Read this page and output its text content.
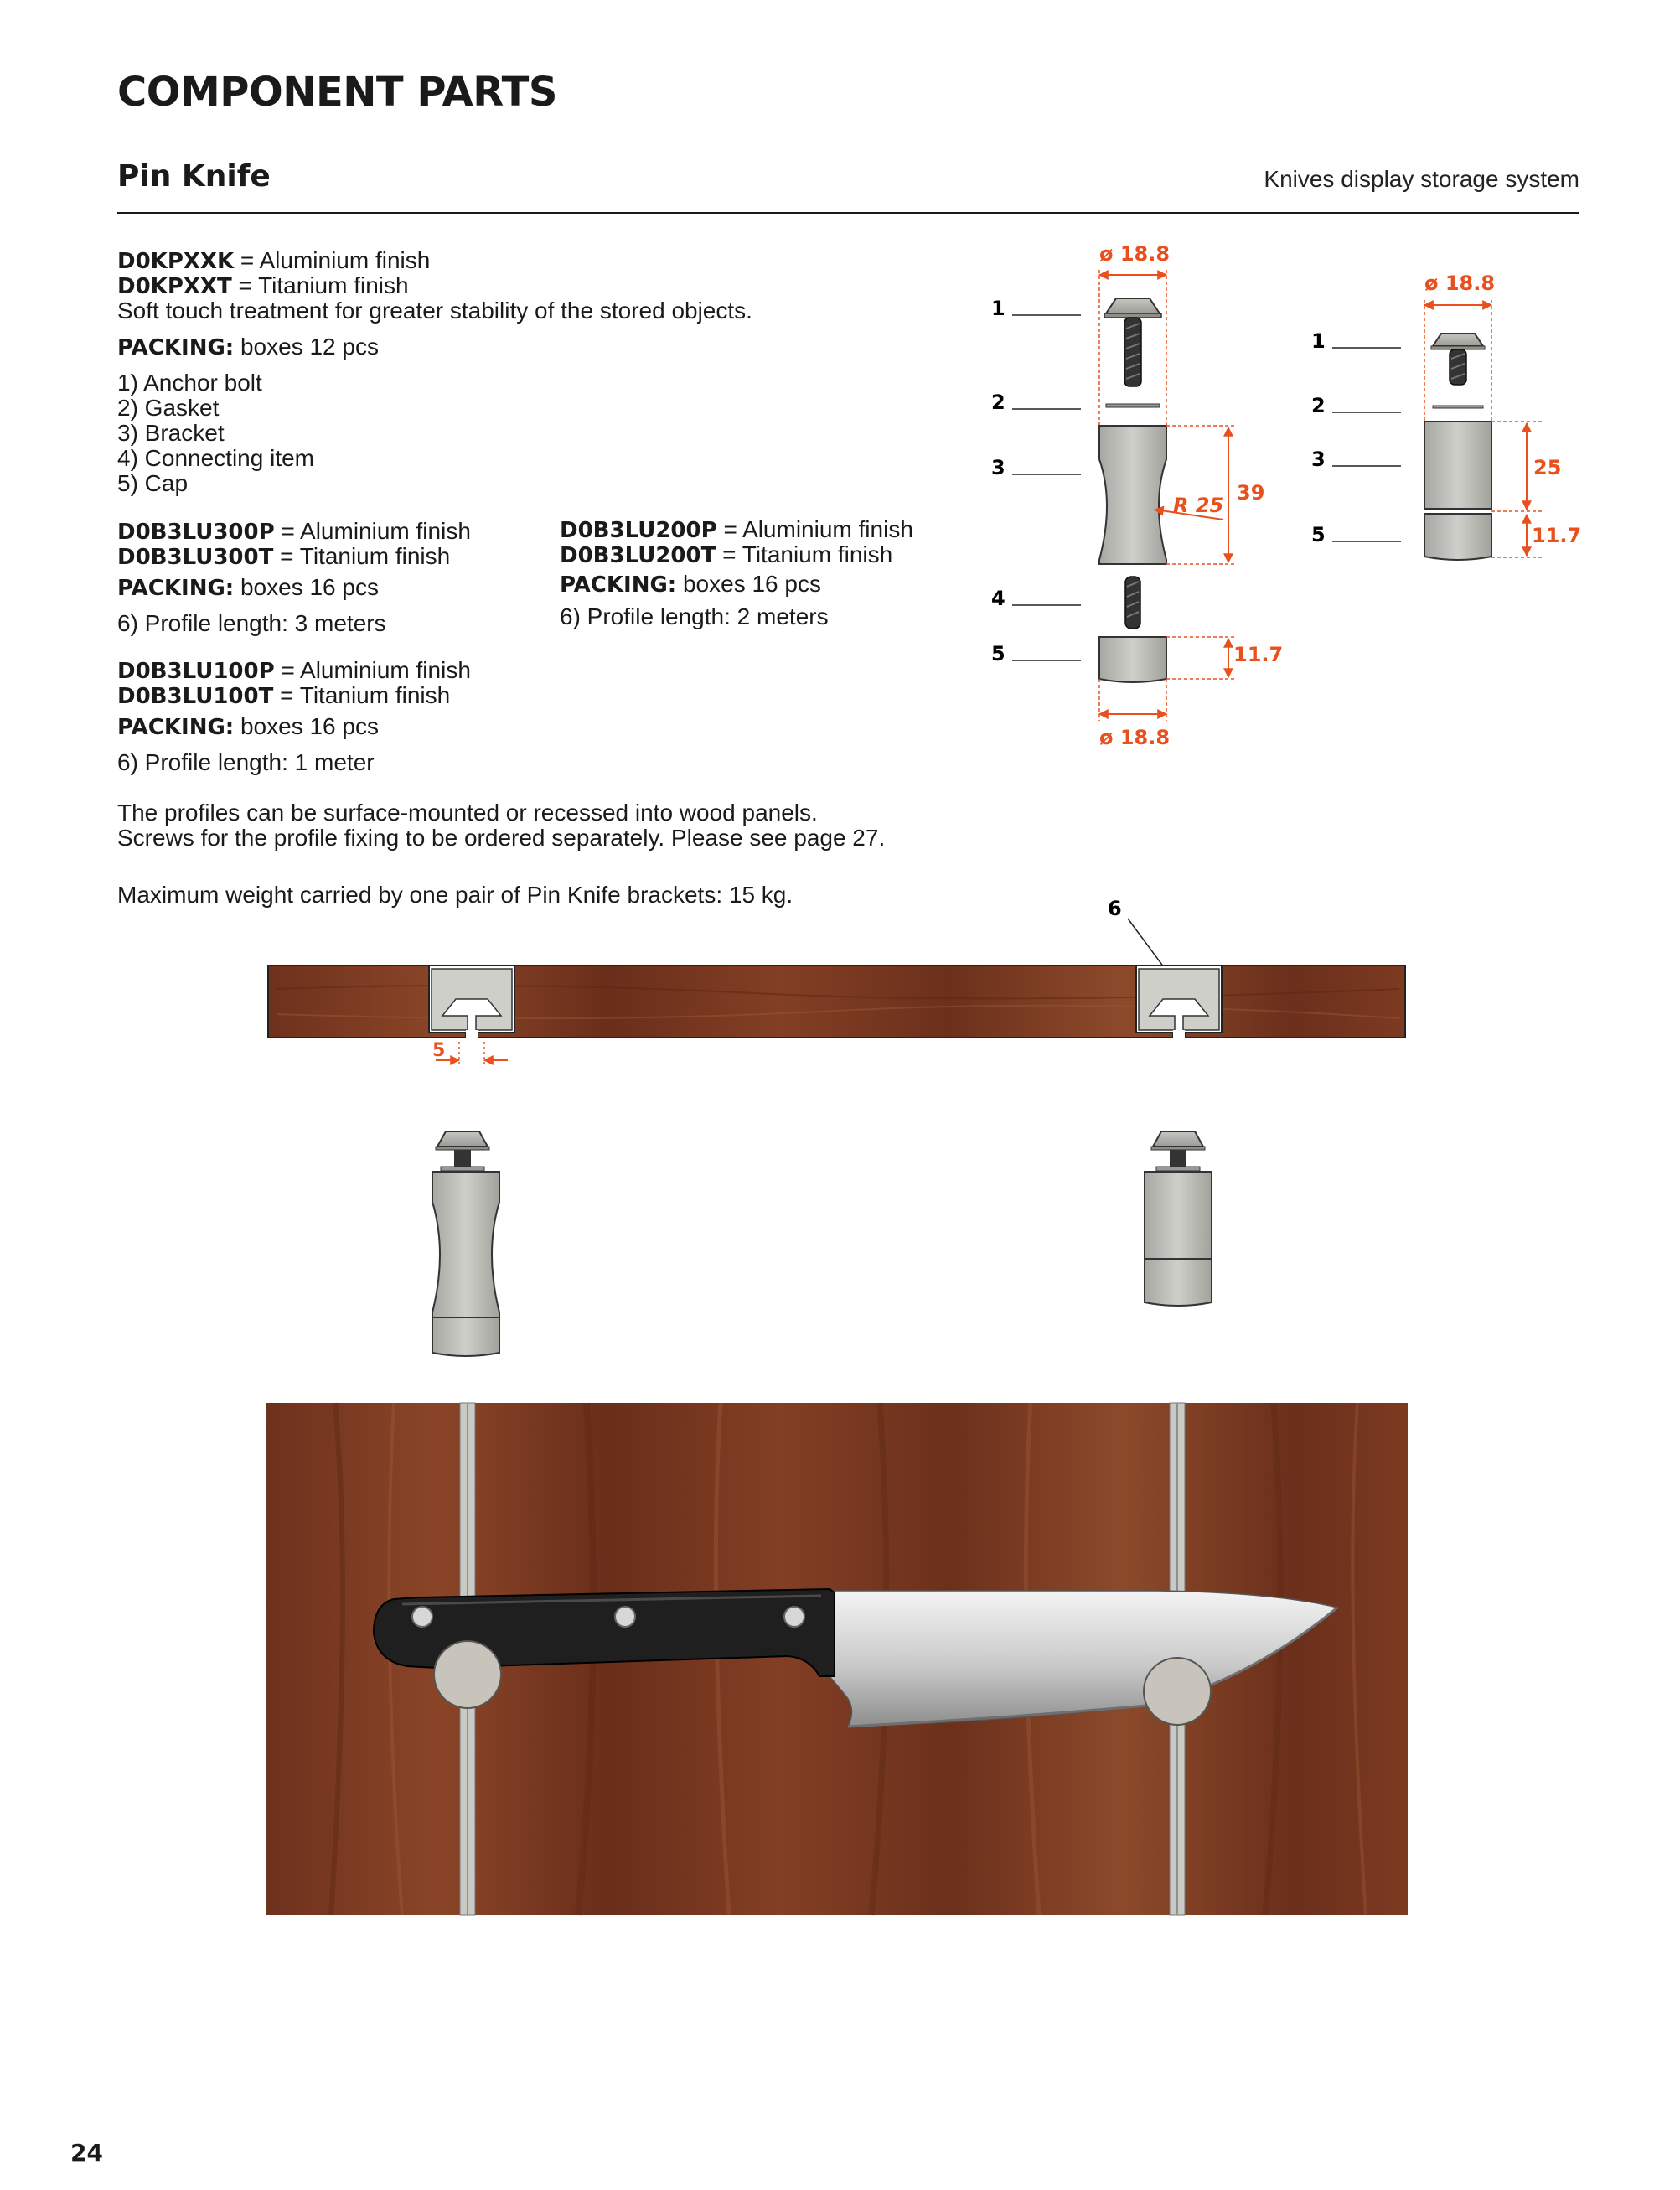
COMPONENT PARTS
Pin Knife	Knives display storage system
D0KPXXK = Aluminium finish
D0KPXXT = Titanium finish
Soft touch treatment for greater stability of the stored objects.
PACKING: boxes 12 pcs
1) Anchor bolt
2) Gasket
3) Bracket
4) Connecting item
5) Cap
D0B3LU300P = Aluminium finish
D0B3LU300T = Titanium finish
PACKING: boxes 16 pcs
6) Profile length: 3 meters
D0B3LU200P = Aluminium finish
D0B3LU200T = Titanium finish
PACKING: boxes 16 pcs
6) Profile length: 2 meters
D0B3LU100P = Aluminium finish
D0B3LU100T = Titanium finish
PACKING: boxes 16 pcs
6) Profile length: 1 meter
The profiles can be surface-mounted or recessed into wood panels.
Screws for the profile fixing to be ordered separately. Please see page 27.
Maximum weight carried by one pair of Pin Knife brackets: 15 kg.
24
1
2
3
4
5
ø 18.8
39
R 25
11.7
ø 18.8
1
2
3
5
ø 18.8
25
11.7
6
5
